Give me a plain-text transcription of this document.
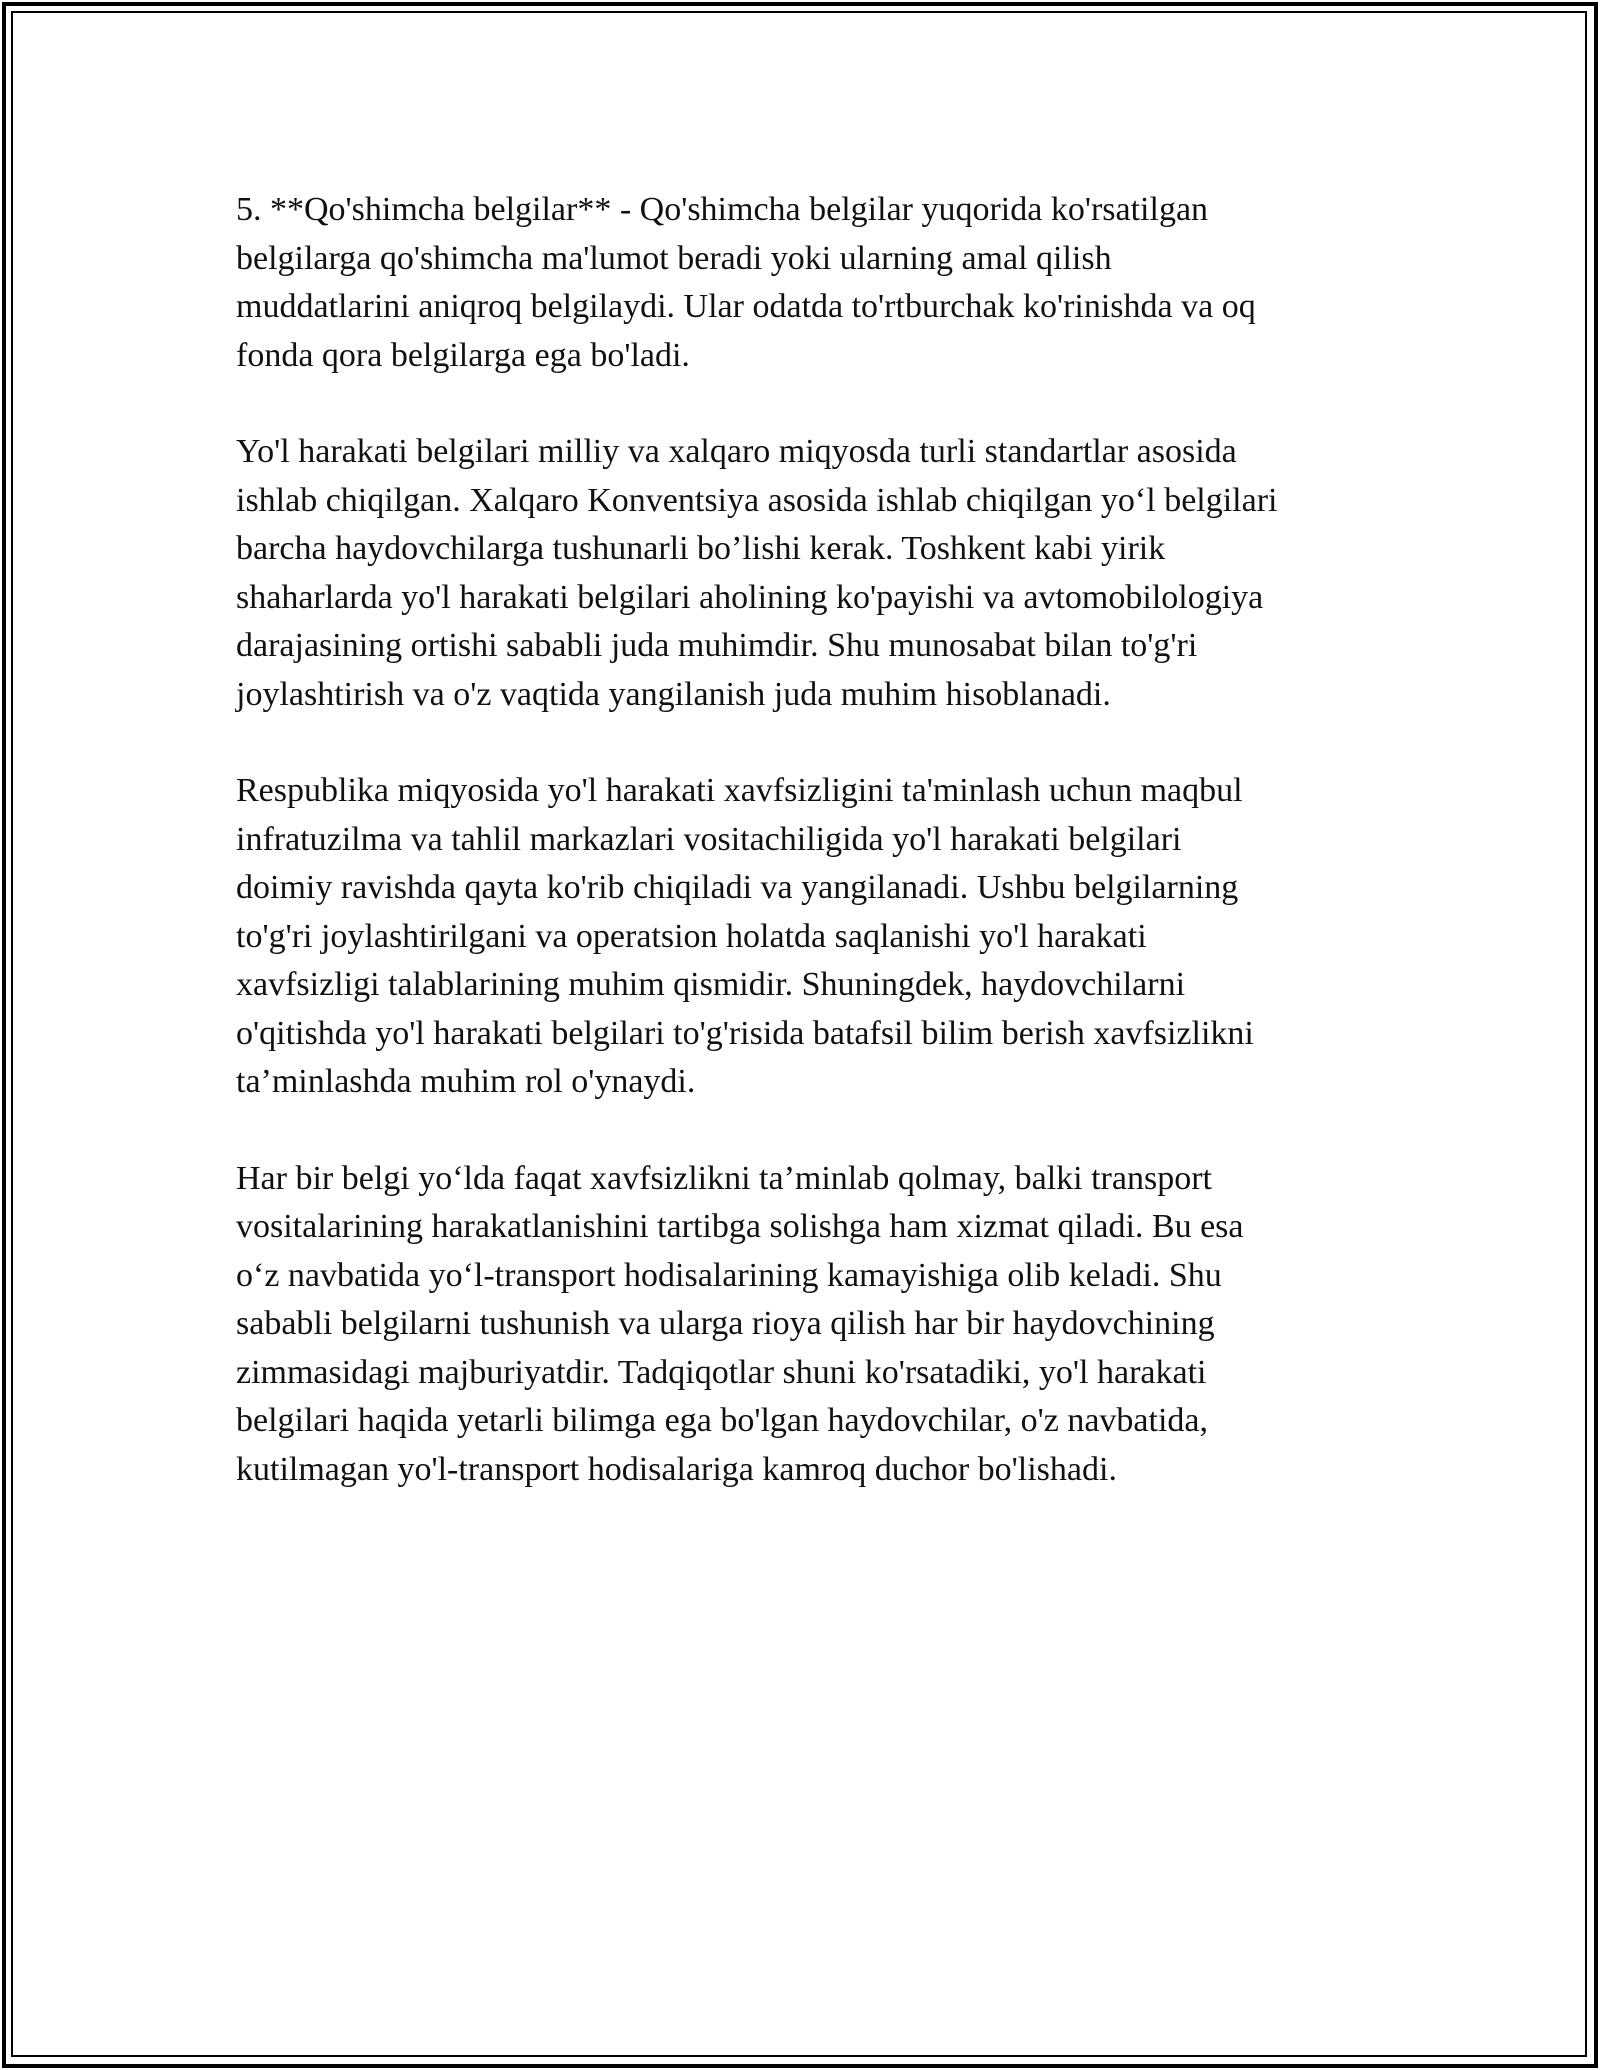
5. **Qo'shimcha belgilar** - Qo'shimcha belgilar yuqorida ko'rsatilgan
belgilarga qo'shimcha ma'lumot beradi yoki ularning amal qilish
muddatlarini aniqroq belgilaydi. Ular odatda to'rtburchak ko'rinishda va oq
fonda qora belgilarga ega bo'ladi.

Yo'l harakati belgilari milliy va xalqaro miqyosda turli standartlar asosida
ishlab chiqilgan. Xalqaro Konventsiya asosida ishlab chiqilgan yo‘l belgilari
barcha haydovchilarga tushunarli bo’lishi kerak. Toshkent kabi yirik
shaharlarda yo'l harakati belgilari aholining ko'payishi va avtomobilologiya
darajasining ortishi sababli juda muhimdir. Shu munosabat bilan to'g'ri
joylashtirish va o'z vaqtida yangilanish juda muhim hisoblanadi.

Respublika miqyosida yo'l harakati xavfsizligini ta'minlash uchun maqbul
infratuzilma va tahlil markazlari vositachiligida yo'l harakati belgilari
doimiy ravishda qayta ko'rib chiqiladi va yangilanadi. Ushbu belgilarning
to'g'ri joylashtirilgani va operatsion holatda saqlanishi yo'l harakati
xavfsizligi talablarining muhim qismidir. Shuningdek, haydovchilarni
o'qitishda yo'l harakati belgilari to'g'risida batafsil bilim berish xavfsizlikni
ta’minlashda muhim rol o'ynaydi.

Har bir belgi yo‘lda faqat xavfsizlikni ta’minlab qolmay, balki transport
vositalarining harakatlanishini tartibga solishga ham xizmat qiladi. Bu esa
o‘z navbatida yo‘l-transport hodisalarining kamayishiga olib keladi. Shu
sababli belgilarni tushunish va ularga rioya qilish har bir haydovchining
zimmasidagi majburiyatdir. Tadqiqotlar shuni ko'rsatadiki, yo'l harakati
belgilari haqida yetarli bilimga ega bo'lgan haydovchilar, o'z navbatida,
kutilmagan yo'l-transport hodisalariga kamroq duchor bo'lishadi.
